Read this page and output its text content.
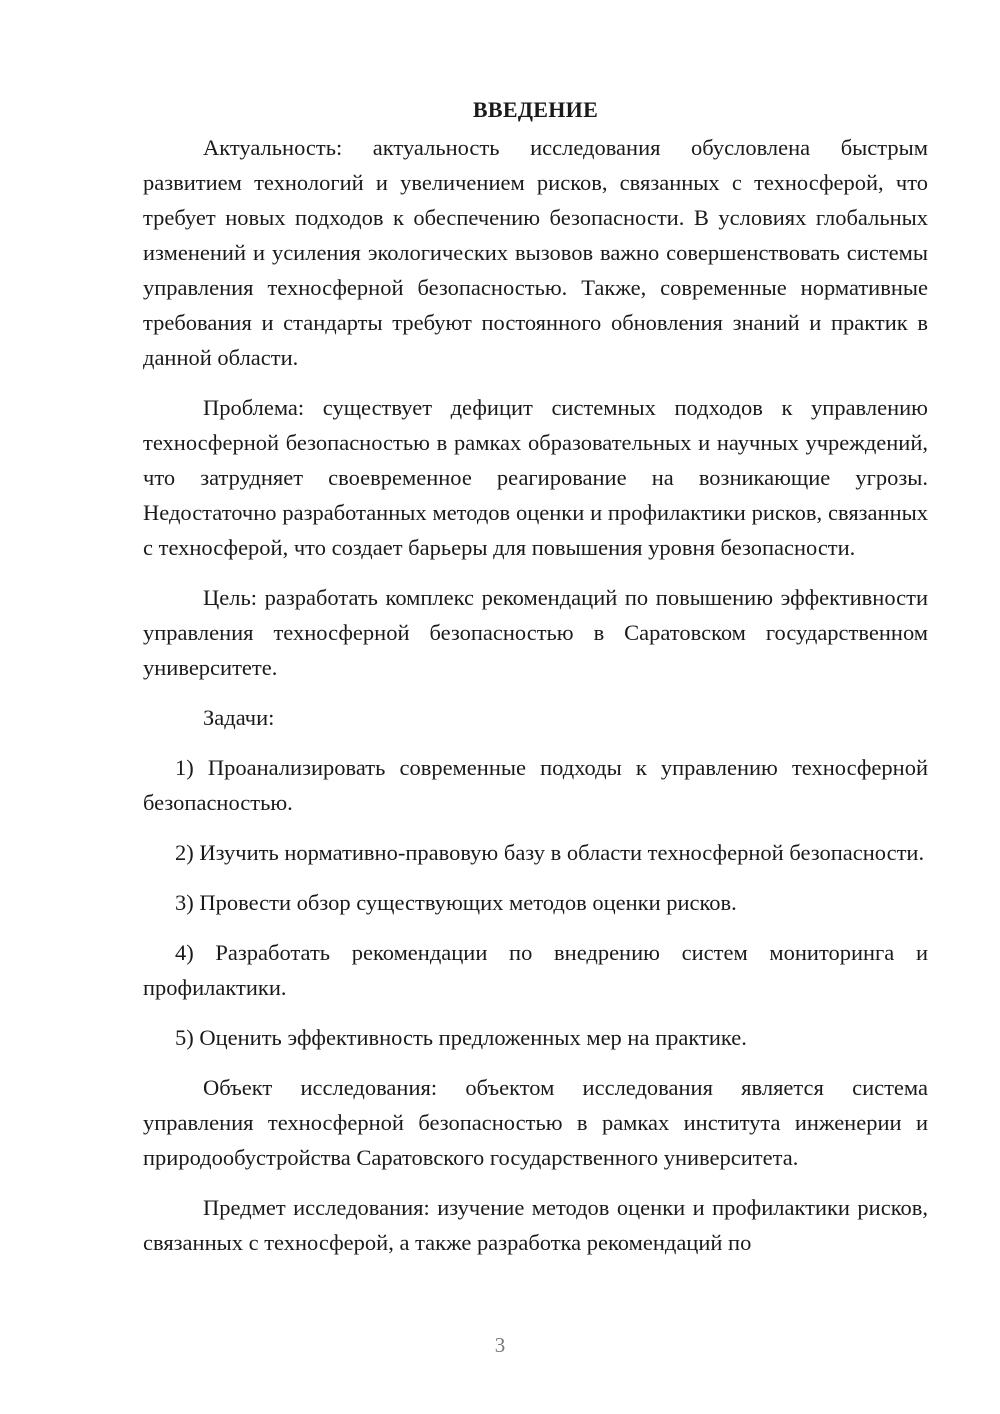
ВВЕДЕНИЕ

Актуальность: актуальность исследования обусловлена быстрым развитием технологий и увеличением рисков, связанных с техносферой, что требует новых подходов к обеспечению безопасности. В условиях глобальных изменений и усиления экологических вызовов важно совершенствовать системы управления техносферной безопасностью. Также, современные нормативные требования и стандарты требуют постоянного обновления знаний и практик в данной области.

Проблема: существует дефицит системных подходов к управлению техносферной безопасностью в рамках образовательных и научных учреждений, что затрудняет своевременное реагирование на возникающие угрозы. Недостаточно разработанных методов оценки и профилактики рисков, связанных с техносферой, что создает барьеры для повышения уровня безопасности.

Цель: разработать комплекс рекомендаций по повышению эффективности управления техносферной безопасностью в Саратовском государственном университете.

Задачи:

1) Проанализировать современные подходы к управлению техносферной безопасностью.

2) Изучить нормативно-правовую базу в области техносферной безопасности.

3) Провести обзор существующих методов оценки рисков.

4) Разработать рекомендации по внедрению систем мониторинга и профилактики.

5) Оценить эффективность предложенных мер на практике.

Объект исследования: объектом исследования является система управления техносферной безопасностью в рамках института инженерии и природообустройства Саратовского государственного университета.

Предмет исследования: изучение методов оценки и профилактики рисков, связанных с техносферой, а также разработка рекомендаций по

3
